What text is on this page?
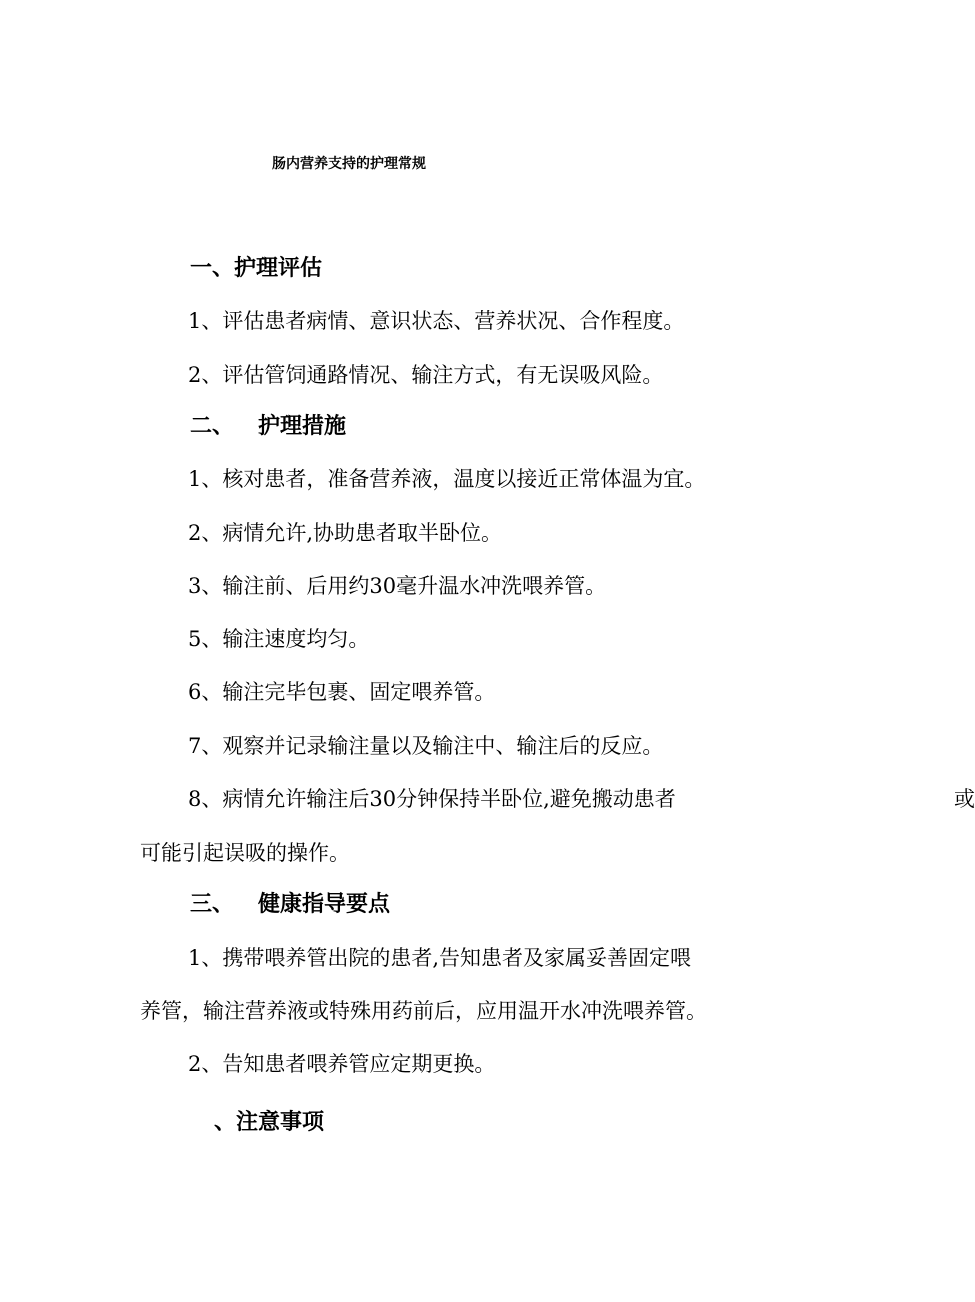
肠内营养支持的护理常规
一、护理评估
1、评估患者病情、意识状态、营养状况、合作程度。
2、评估管饲通路情况、输注方式，有无误吸风险。
二、 护理措施
1、核对患者，准备营养液，温度以接近正常体温为宜。
2、病情允许,协助患者取半卧位。
3、输注前、后用约30毫升温水冲洗喂养管。
5、输注速度均匀。
6、输注完毕包裹、固定喂养管。
7、观察并记录输注量以及输注中、输注后的反应。
8、病情允许输注后30分钟保持半卧位,避免搬动患者	或
可能引起误吸的操作。
三、 健康指导要点
1、携带喂养管出院的患者,告知患者及家属妥善固定喂
养管，输注营养液或特殊用药前后，应用温开水冲洗喂养管。
2、告知患者喂养管应定期更换。
、注意事项
